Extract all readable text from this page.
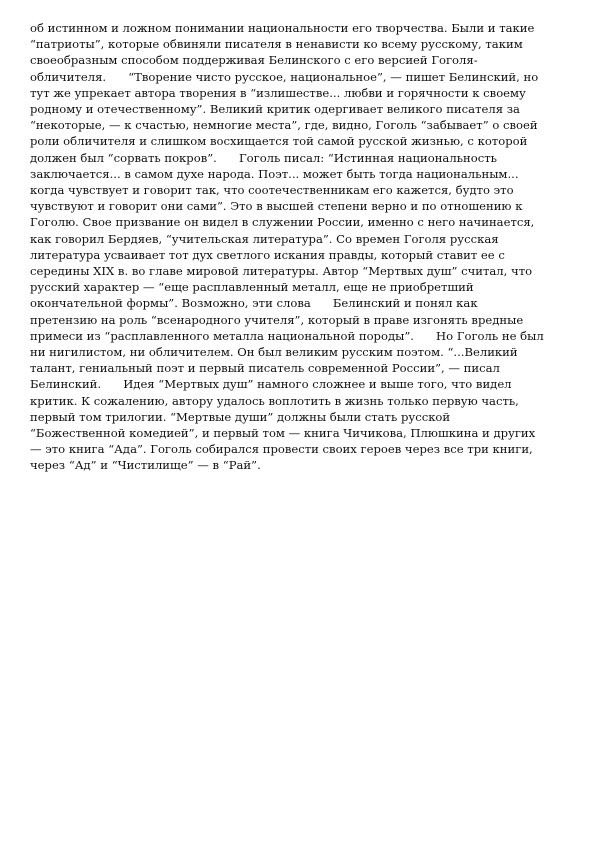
об истинном и ложном понимании национальности его творчества. Были и такие
“патриоты”, которые обвиняли писателя в ненависти ко всему русскому, таким
своеобразным способом поддерживая Белинского с его версией Гоголя-
обличителя.      “Творение чисто русское, национальное”, — пишет Белинский, но
тут же упрекает автора творения в “излишестве... любви и горячности к своему
родному и отечественному”. Великий критик одергивает великого писателя за
“некоторые, — к счастью, немногие места”, где, видно, Гоголь “забывает” о своей
роли обличителя и слишком восхищается той самой русской жизнью, с которой
должен был “сорвать покров”.      Гоголь писал: “Истинная национальность
заключается... в самом духе народа. Поэт... может быть тогда национальным...
когда чувствует и говорит так, что соотечественникам его кажется, будто это
чувствуют и говорит они сами”. Это в высшей степени верно и по отношению к
Гоголю. Свое призвание он видел в служении России, именно с него начинается,
как говорил Бердяев, “учительская литература”. Со времен Гоголя русская
литература усваивает тот дух светлого искания правды, который ставит ее с
середины XIX в. во главе мировой литературы. Автор “Мертвых душ” считал, что
русский характер — “еще расплавленный металл, еще не приобретший
окончательной формы”. Возможно, эти слова      Белинский и понял как
претензию на роль “всенародного учителя”, который в праве изгонять вредные
примеси из “расплавленного металла национальной породы”.      Но Гоголь не был
ни нигилистом, ни обличителем. Он был великим русским поэтом. “...Великий
талант, гениальный поэт и первый писатель современной России”, — писал
Белинский.      Идея “Мертвых душ” намного сложнее и выше того, что видел
критик. К сожалению, автору удалось воплотить в жизнь только первую часть,
первый том трилогии. “Мертвые души” должны были стать русской
“Божественной комедией”, и первый том — книга Чичикова, Плюшкина и других
— это книга “Ада”. Гоголь собирался провести своих героев через все три книги,
через “Ад” и “Чистилище” — в “Рай”.
